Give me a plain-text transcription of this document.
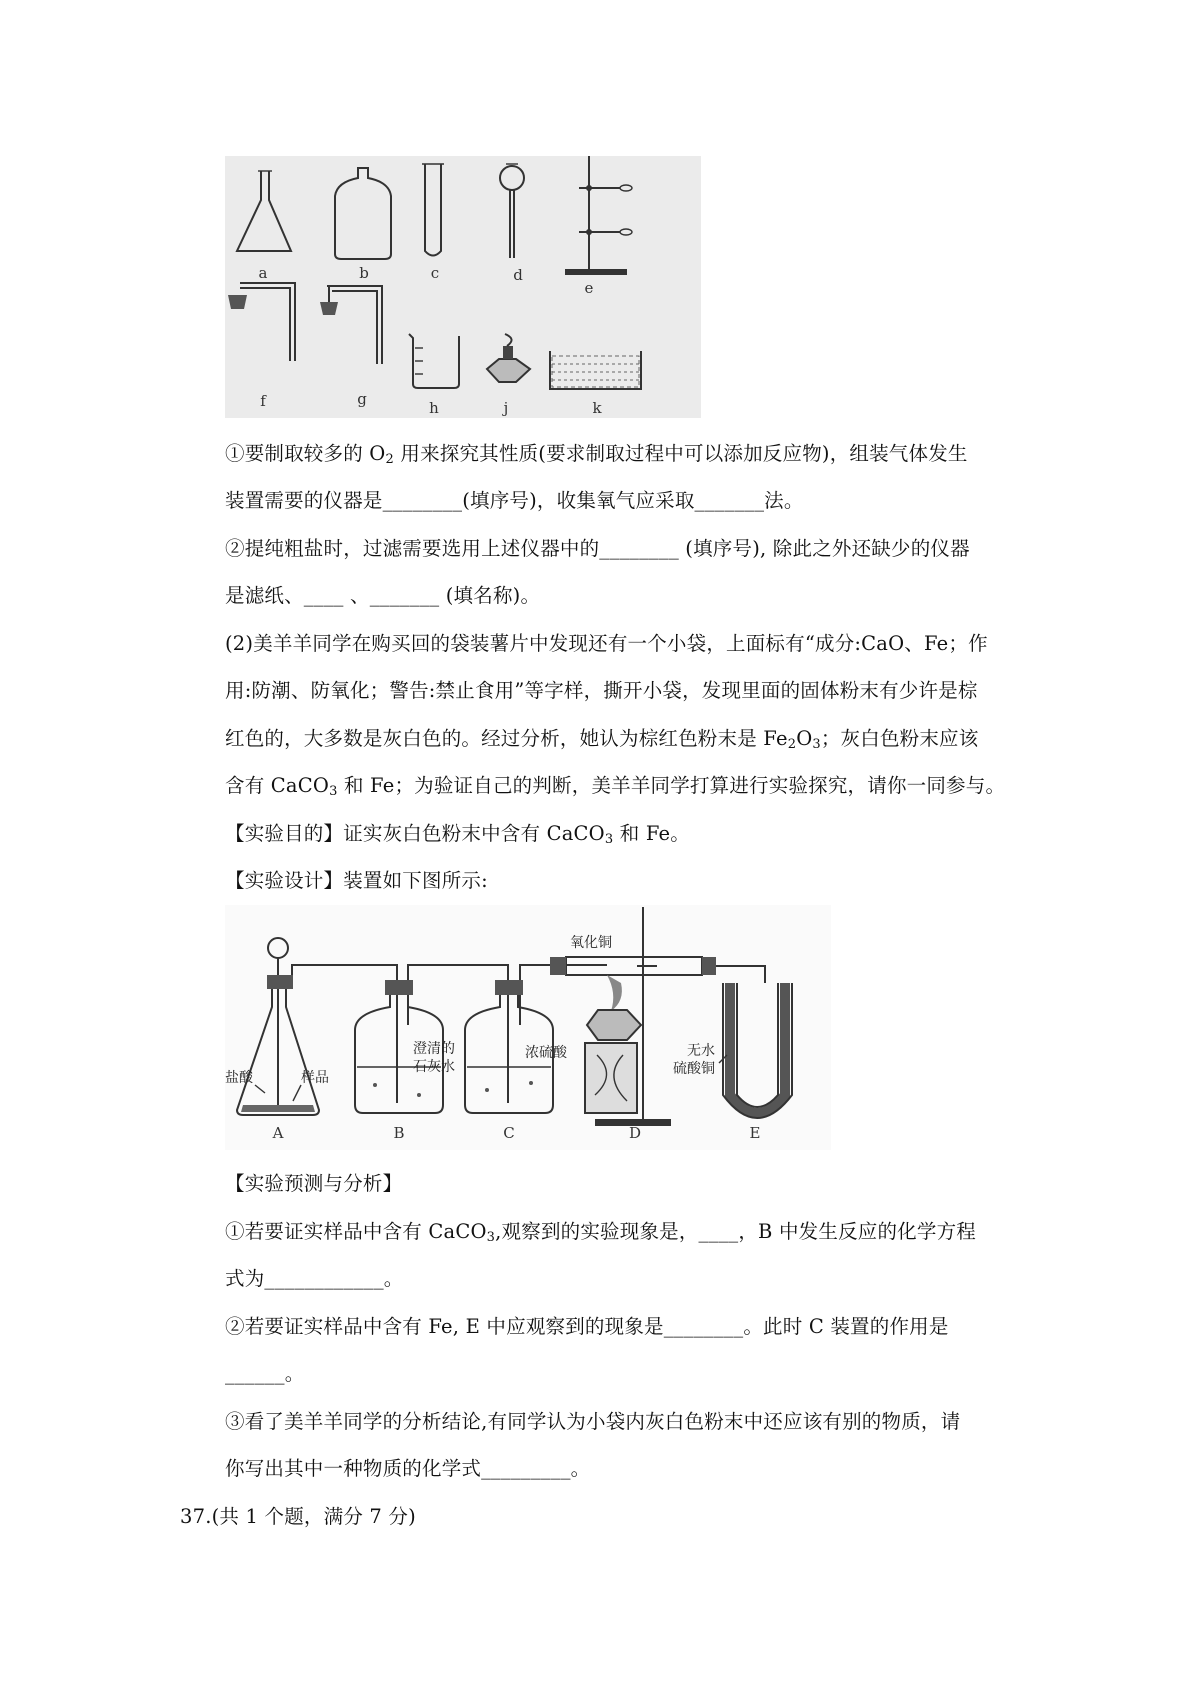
a	b	c	d
e
f	g	h	j	k
①要制取较多的 $O_2$ 用来探究其性质(要求制取过程中可以添加反应物)，组装气体发生
装置需要的仪器是________(填序号)，收集氧气应采取_______法。
②提纯粗盐时，过滤需要选用上述仪器中的________ (填序号), 除此之外还缺少的仪器
是滤纸、____ 、_______ (填名称)。
(2)美羊羊同学在购买回的袋装薯片中发现还有一个小袋，上面标有“成分:CaO、Fe；作
用:防潮、防氧化；警告:禁止食用”等字样，撕开小袋，发现里面的固体粉末有少许是棕
红色的，大多数是灰白色的。经过分析，她认为棕红色粉末是 $Fe_2O_3$；灰白色粉末应该
含有 CaCO$_3$ 和 Fe；为验证自己的判断，美羊羊同学打算进行实验探究，请你一同参与。
【实验目的】证实灰白色粉末中含有 CaCO$_3$ 和 Fe。
【实验设计】装置如下图所示:
盐酸	样品
澄清的
石灰水
浓硫酸
氧化铜
无水
硫酸铜
A	B	C	D	E
【实验预测与分析】
①若要证实样品中含有 CaCO$_3$,观察到的实验现象是，____，B 中发生反应的化学方程
式为____________。
②若要证实样品中含有 Fe, E 中应观察到的现象是________。此时 C 装置的作用是
______。
③看了美羊羊同学的分析结论,有同学认为小袋内灰白色粉末中还应该有别的物质，请
你写出其中一种物质的化学式_________。
37.(共 1 个题，满分 7 分)
